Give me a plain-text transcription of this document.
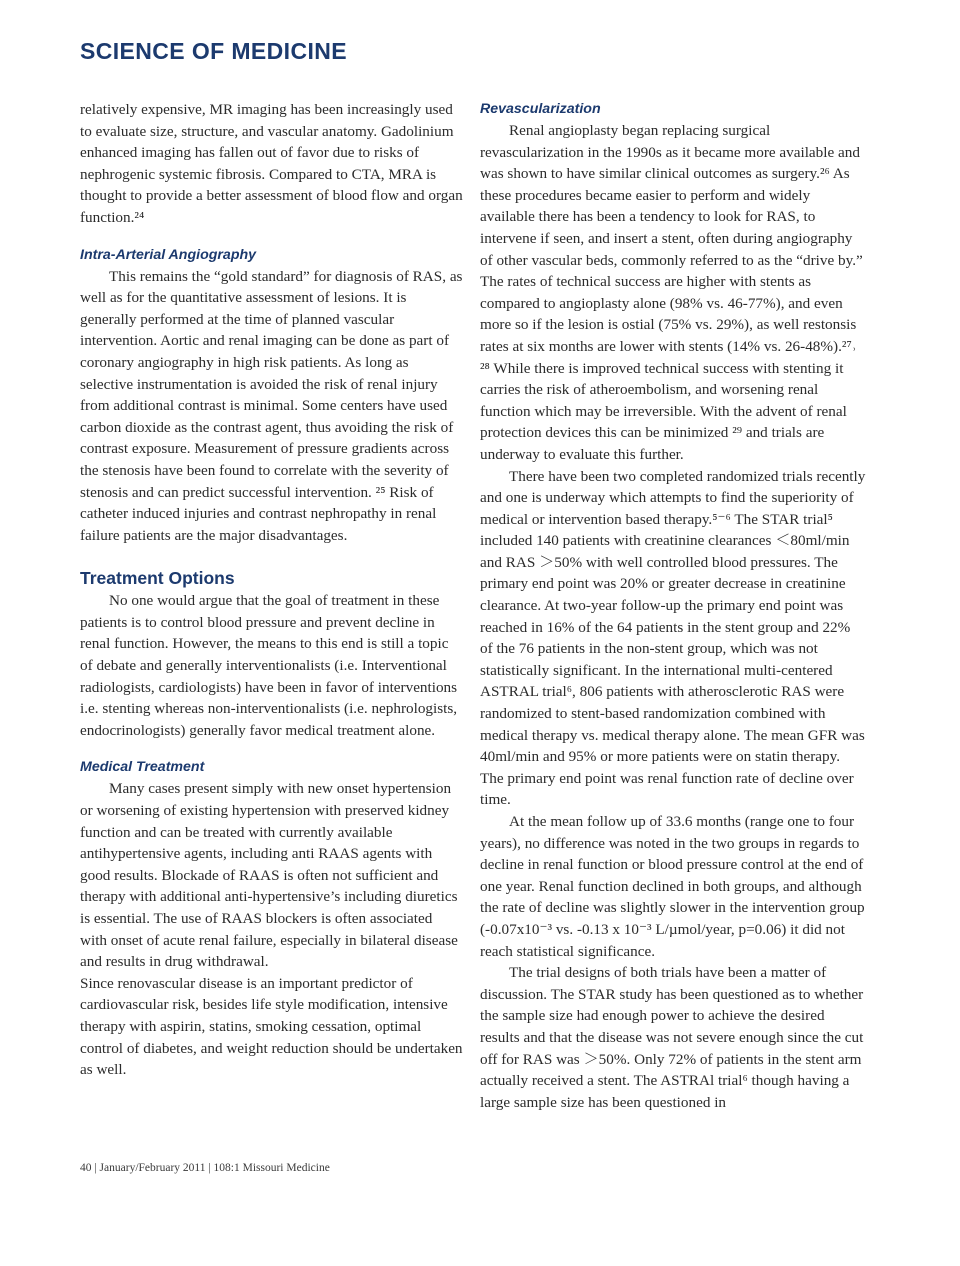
SCIENCE OF MEDICINE

relatively expensive, MR imaging has been increasingly used to evaluate size, structure, and vascular anatomy. Gadolinium enhanced imaging has fallen out of favor due to risks of nephrogenic systemic fibrosis. Compared to CTA, MRA is thought to provide a better assessment of blood flow and organ function.²⁴

Intra-Arterial Angiography

This remains the “gold standard” for diagnosis of RAS, as well as for the quantitative assessment of lesions. It is generally performed at the time of planned vascular intervention. Aortic and renal imaging can be done as part of coronary angiography in high risk patients. As long as selective instrumentation is avoided the risk of renal injury from additional contrast is minimal. Some centers have used carbon dioxide as the contrast agent, thus avoiding the risk of contrast exposure. Measurement of pressure gradients across the stenosis have been found to correlate with the severity of stenosis and can predict successful intervention. ²⁵ Risk of catheter induced injuries and contrast nephropathy in renal failure patients are the major disadvantages.

Treatment Options

No one would argue that the goal of treatment in these patients is to control blood pressure and prevent decline in renal function. However, the means to this end is still a topic of debate and generally interventionalists (i.e. Interventional radiologists, cardiologists) have been in favor of interventions i.e. stenting whereas non-interventionalists (i.e. nephrologists, endocrinologists) generally favor medical treatment alone.

Medical Treatment

Many cases present simply with new onset hypertension or worsening of existing hypertension with preserved kidney function and can be treated with currently available antihypertensive agents, including anti RAAS agents with good results. Blockade of RAAS is often not sufficient and therapy with additional anti-hypertensive’s including diuretics is essential. The use of RAAS blockers is often associated with onset of acute renal failure, especially in bilateral disease and results in drug withdrawal.

Since renovascular disease is an important predictor of cardiovascular risk, besides life style modification, intensive therapy with aspirin, statins, smoking cessation, optimal control of diabetes, and weight reduction should be undertaken as well.

Revascularization

Renal angioplasty began replacing surgical revascularization in the 1990s as it became more available and was shown to have similar clinical outcomes as surgery.²⁶ As these procedures became easier to perform and widely available there has been a tendency to look for RAS, to intervene if seen, and insert a stent, often during angiography of other vascular beds, commonly referred to as the “drive by.” The rates of technical success are higher with stents as compared to angioplasty alone (98% vs. 46-77%), and even more so if the lesion is ostial (75% vs. 29%), as well restonsis rates at six months are lower with stents (14% vs. 26-48%).²⁷˒ ²⁸ While there is improved technical success with stenting it carries the risk of atheroembolism, and worsening renal function which may be irreversible. With the advent of renal protection devices this can be minimized ²⁹ and trials are underway to evaluate this further.

There have been two completed randomized trials recently and one is underway which attempts to find the superiority of medical or intervention based therapy.⁵⁻⁶ The STAR trial⁵ included 140 patients with creatinine clearances ＜80ml/min and RAS ＞50% with well controlled blood pressures. The primary end point was 20% or greater decrease in creatinine clearance. At two-year follow-up the primary end point was reached in 16% of the 64 patients in the stent group and 22% of the 76 patients in the non-stent group, which was not statistically significant. In the international multi-centered ASTRAL trial⁶, 806 patients with atherosclerotic RAS were randomized to stent-based randomization combined with medical therapy vs. medical therapy alone. The mean GFR was 40ml/min and 95% or more patients were on statin therapy. The primary end point was renal function rate of decline over time.

At the mean follow up of 33.6 months (range one to four years), no difference was noted in the two groups in regards to decline in renal function or blood pressure control at the end of one year. Renal function declined in both groups, and although the rate of decline was slightly slower in the intervention group (-0.07x10⁻³ vs. -0.13 x 10⁻³ L/µmol/year, p=0.06) it did not reach statistical significance.

The trial designs of both trials have been a matter of discussion. The STAR study has been questioned as to whether the sample size had enough power to achieve the desired results and that the disease was not severe enough since the cut off for RAS was ＞50%. Only 72% of patients in the stent arm actually received a stent. The ASTRAl trial⁶ though having a large sample size has been questioned in

40 | January/February 2011 | 108:1 Missouri Medicine
